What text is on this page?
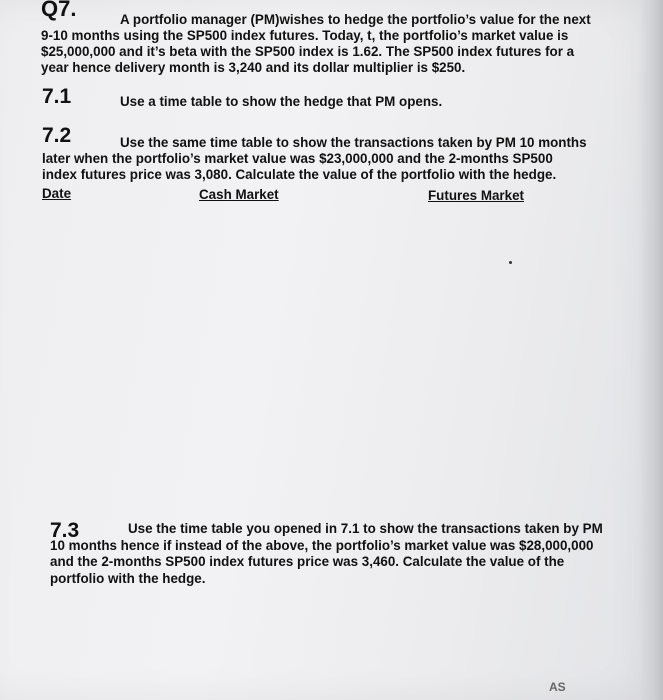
Q7.	A portfolio manager (PM)wishes to hedge the portfolio’s value for the next
9-10 months using the SP500 index futures. Today, t, the portfolio’s market value is
$25,000,000 and it’s beta with the SP500 index is 1.62. The SP500 index futures for a
year hence delivery month is 3,240 and its dollar multiplier is $250.
7.1	Use a time table to show the hedge that PM opens.
7.2	Use the same time table to show the transactions taken by PM 10 months
later when the portfolio’s market value was $23,000,000 and the 2-months SP500
index futures price was 3,080. Calculate the value of the portfolio with the hedge.
Date	Cash Market	Futures Market
7.3	Use the time table you opened in 7.1 to show the transactions taken by PM
10 months hence if instead of the above, the portfolio’s market value was $28,000,000
and the 2-months SP500 index futures price was 3,460. Calculate the value of the
portfolio with the hedge.
AS
